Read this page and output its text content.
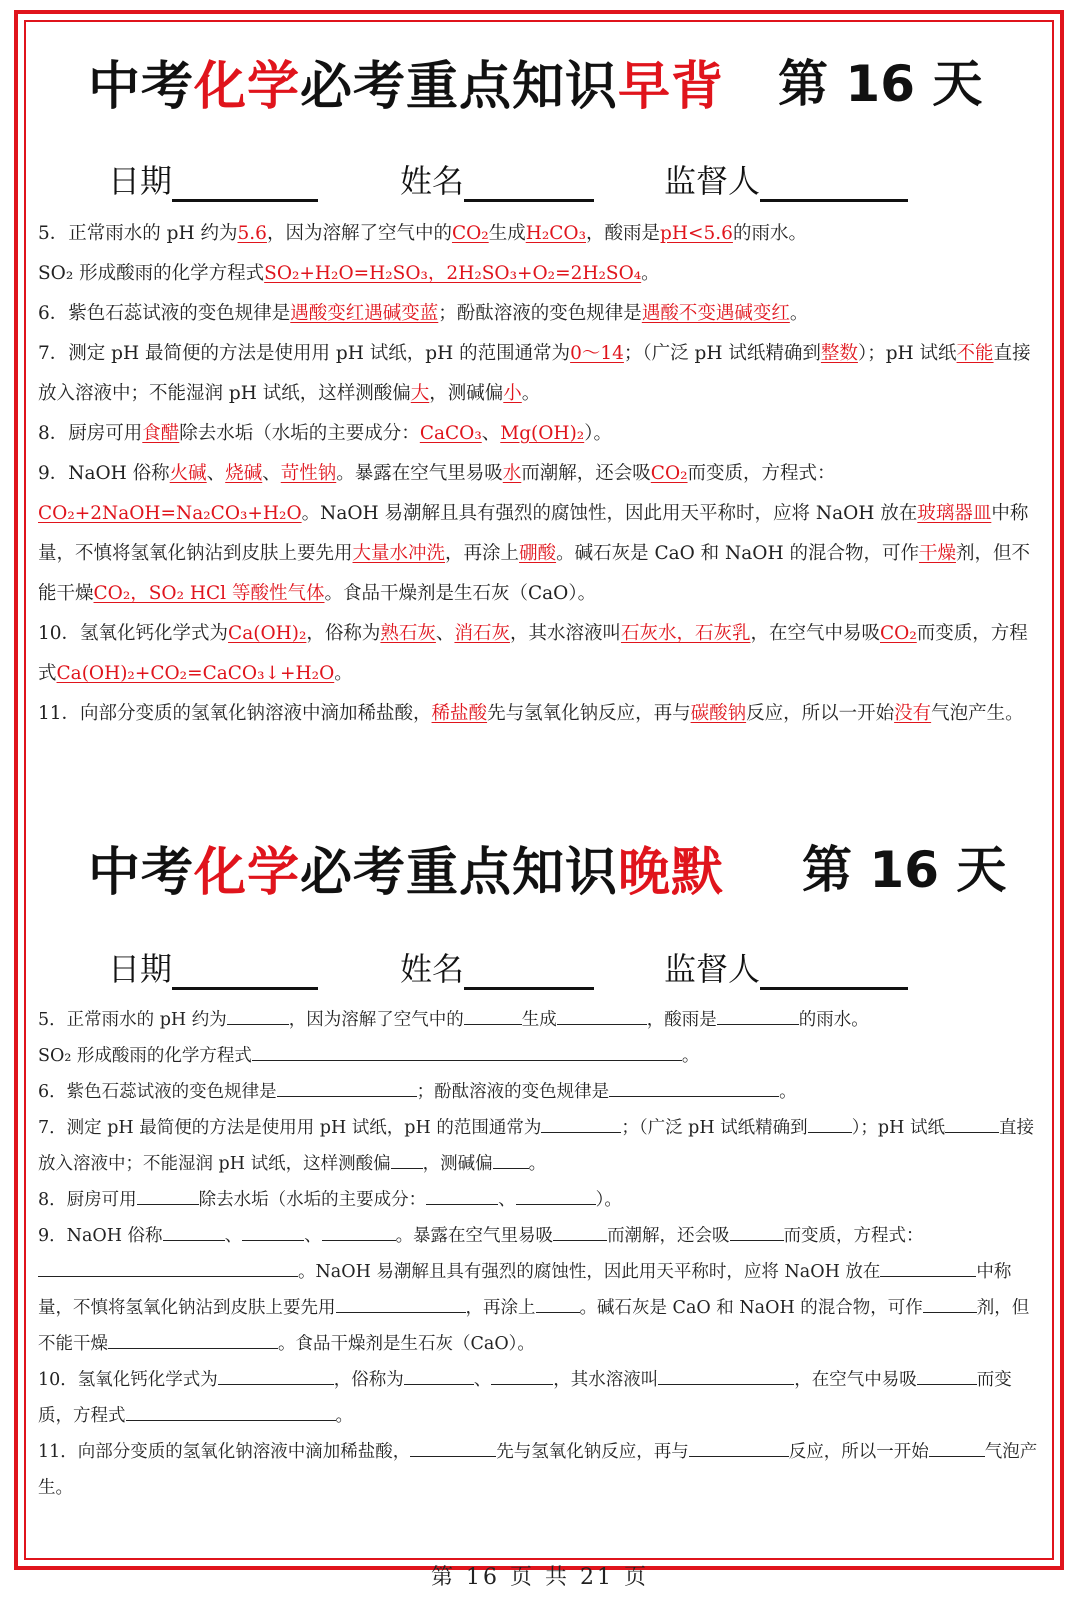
中考化学必考重点知识早背 第 16 天
日期	姓名	监督人

5．正常雨水的 pH 约为5.6，因为溶解了空气中的CO₂生成H₂CO₃，酸雨是pH<5.6的雨水。

SO₂ 形成酸雨的化学方程式SO₂+H₂O=H₂SO₃，2H₂SO₃+O₂=2H₂SO₄。

6．紫色石蕊试液的变色规律是遇酸变红遇碱变蓝；酚酞溶液的变色规律是遇酸不变遇碱变红。

7．测定 pH 最简便的方法是使用用 pH 试纸，pH 的范围通常为0～14；（广泛 pH 试纸精确到整数）；pH 试纸不能直接放入溶液中；不能湿润 pH 试纸，这样测酸偏大，测碱偏小。

8．厨房可用食醋除去水垢（水垢的主要成分：CaCO₃、Mg(OH)₂）。

9．NaOH 俗称火碱、烧碱、苛性钠。暴露在空气里易吸水而潮解，还会吸CO₂而变质，方程式：CO₂+2NaOH=Na₂CO₃+H₂O。NaOH 易潮解且具有强烈的腐蚀性，因此用天平称时，应将 NaOH 放在玻璃器皿中称量，不慎将氢氧化钠沾到皮肤上要先用大量水冲洗，再涂上硼酸。碱石灰是 CaO 和 NaOH 的混合物，可作干燥剂，但不能干燥CO₂，SO₂ HCl 等酸性气体。食品干燥剂是生石灰（CaO）。

10．氢氧化钙化学式为Ca(OH)₂，俗称为熟石灰、消石灰，其水溶液叫石灰水，石灰乳，在空气中易吸CO₂而变质，方程式Ca(OH)₂+CO₂=CaCO₃↓+H₂O。

11．向部分变质的氢氧化钠溶液中滴加稀盐酸，稀盐酸先与氢氧化钠反应，再与碳酸钠反应，所以一开始没有气泡产生。

中考化学必考重点知识晚默 第 16 天
日期	姓名	监督人

5．正常雨水的 pH 约为	，因为溶解了空气中的	生成	，酸雨是	的雨水。

SO₂ 形成酸雨的化学方程式	。

6．紫色石蕊试液的变色规律是	；酚酞溶液的变色规律是	。

7．测定 pH 最简便的方法是使用用 pH 试纸，pH 的范围通常为	；（广泛 pH 试纸精确到	）；pH 试纸	直接放入溶液中；不能湿润 pH 试纸，这样测酸偏 ，测碱偏 。

8．厨房可用	除去水垢（水垢的主要成分：	、	）。

9．NaOH 俗称	、	、	。暴露在空气里易吸	而潮解，还会吸	而变质，方程式：。NaOH 易潮解且具有强烈的腐蚀性，因此用天平称时，应将 NaOH 放在	中称量，不慎将氢氧化钠沾到皮肤上要先用	，再涂上	。碱石灰是 CaO 和 NaOH 的混合物，可作	剂，但不能干燥	。食品干燥剂是生石灰（CaO）。

10．氢氧化钙化学式为	，俗称为	、	，其水溶液叫	，在空气中易吸	而变质，方程式	。

11．向部分变质的氢氧化钠溶液中滴加稀盐酸，	先与氢氧化钠反应，再与	反应，所以一开始	气泡产生。

第 16 页 共 21 页
